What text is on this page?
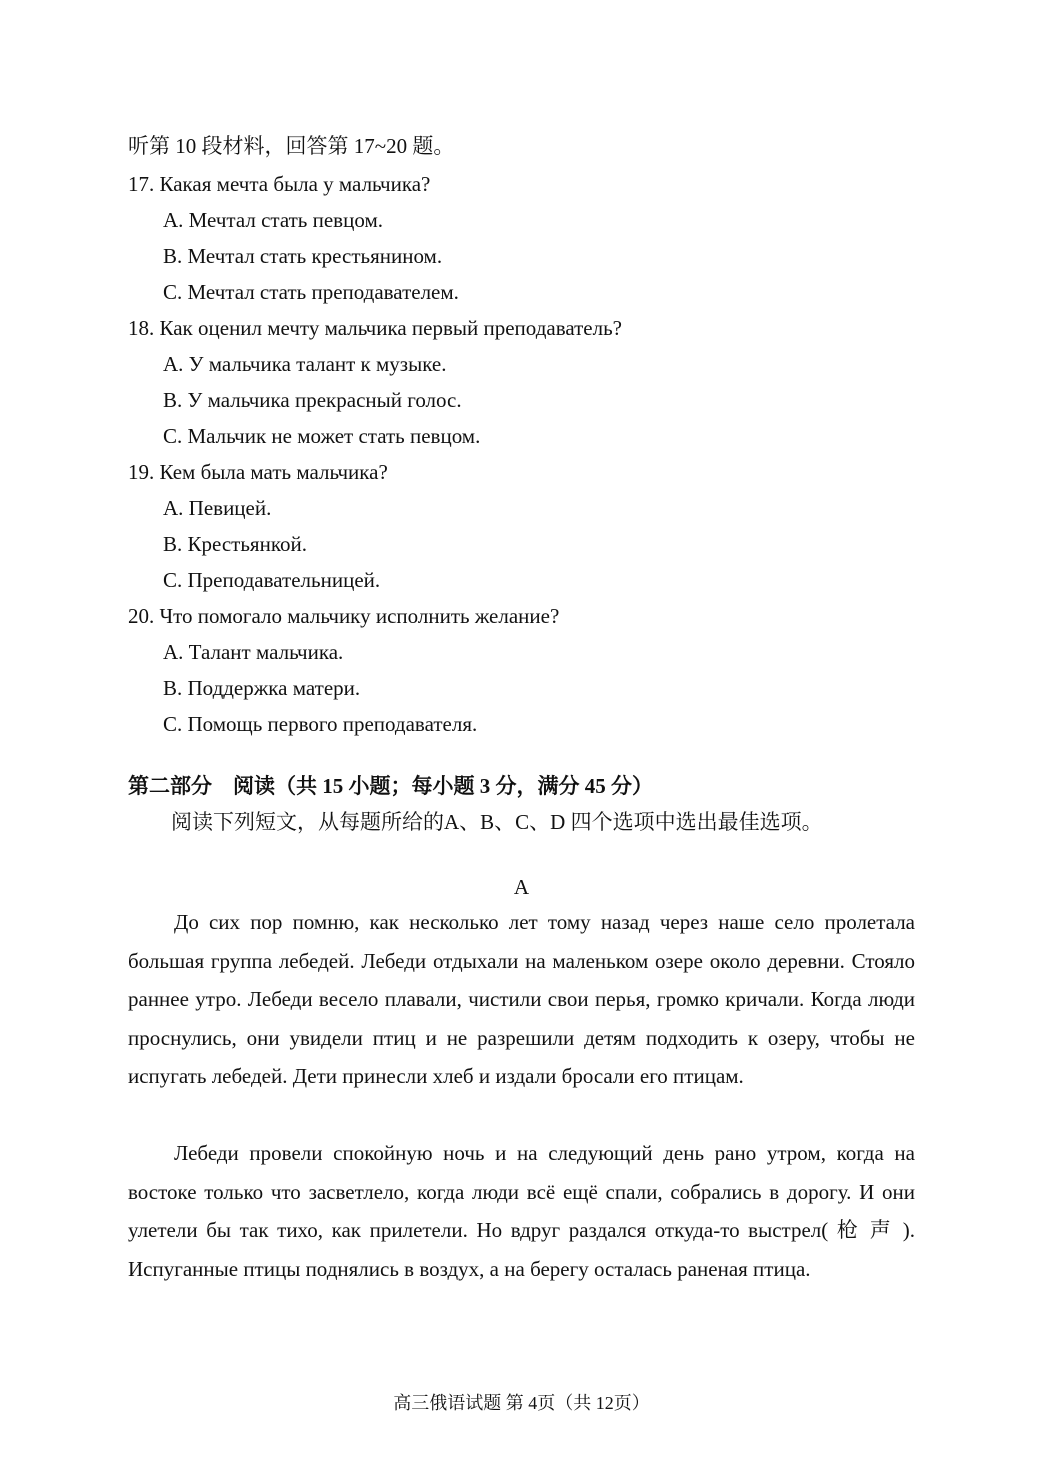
听第 10 段材料，回答第 17~20 题。
17. Какая мечта была у мальчика?
A. Мечтал стать певцом.
B. Мечтал стать крестьянином.
C. Мечтал стать преподавателем.
18. Как оценил мечту мальчика первый преподаватель?
A. У мальчика талант к музыке.
B. У мальчика прекрасный голос.
C. Мальчик не может стать певцом.
19. Кем была мать мальчика?
A. Певицей.
B. Крестьянкой.
C. Преподавательницей.
20. Что помогало мальчику исполнить желание?
A. Талант мальчика.
B. Поддержка матери.
C. Помощь первого преподавателя.
第二部分　阅读（共 15 小题；每小题 3 分，满分 45 分）
阅读下列短文，从每题所给的A、B、C、D 四个选项中选出最佳选项。
A
До сих пор помню, как несколько лет тому назад через наше село пролетала большая группа лебедей. Лебеди отдыхали на маленьком озере около деревни. Стояло раннее утро. Лебеди весело плавали, чистили свои перья, громко кричали. Когда люди проснулись, они увидели птиц и не разрешили детям подходить к озеру, чтобы не испугать лебедей. Дети принесли хлеб и издали бросали его птицам.
Лебеди провели спокойную ночь и на следующий день рано утром, когда на востоке только что засветлело, когда люди всё ещё спали, собрались в дорогу. И они улетели бы так тихо, как прилетели. Но вдруг раздался откуда-то выстрел( 枪 声 ). Испуганные птицы поднялись в воздух, а на берегу осталась раненая птица.
高三俄语试题 第 4页（共 12页）
